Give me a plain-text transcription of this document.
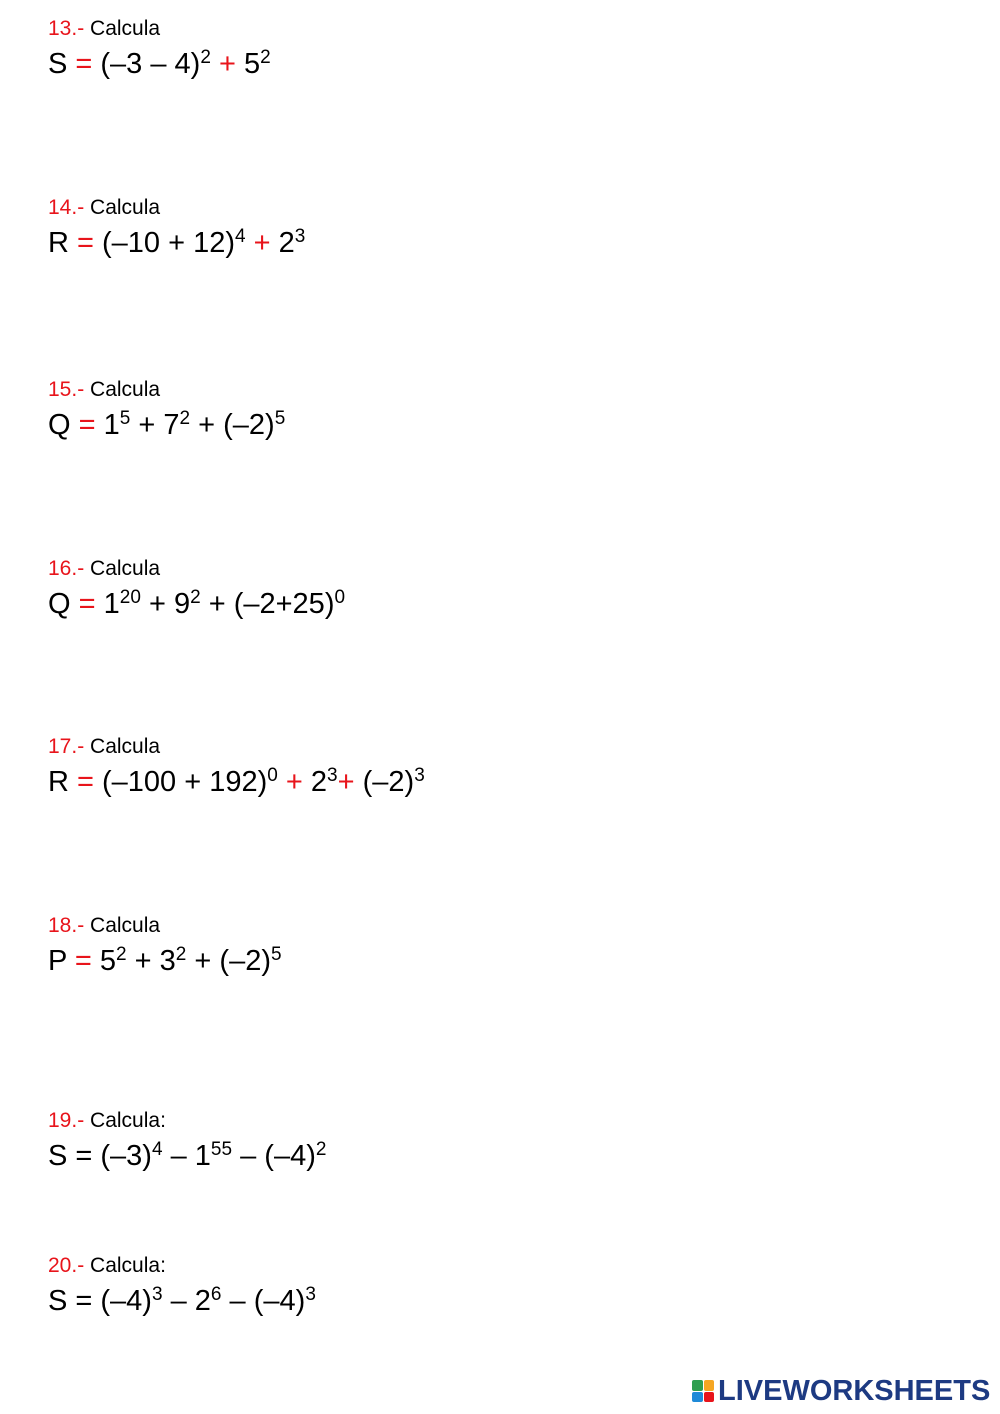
13.- Calcula
$S = (-3 - 4)^2 + 5^2$
14.- Calcula
$R = (-10 + 12)^4 + 2^3$
15.- Calcula
$Q = 1^5 + 7^2 + (-2)^5$
16.- Calcula
$Q = 1^{20} + 9^2 + (-2+25)^0$
17.- Calcula
$R = (-100 + 192)^0 + 2^3+ (-2)^3$
18.- Calcula
$P = 5^2 + 3^2 + (-2)^5$
19.- Calcula:
$S = (-3)^4 - 1^{55} - (-4)^2$
20.- Calcula:
$S = (-4)^3 - 2^6 - (-4)^3$
LIVEWORKSHEETS
